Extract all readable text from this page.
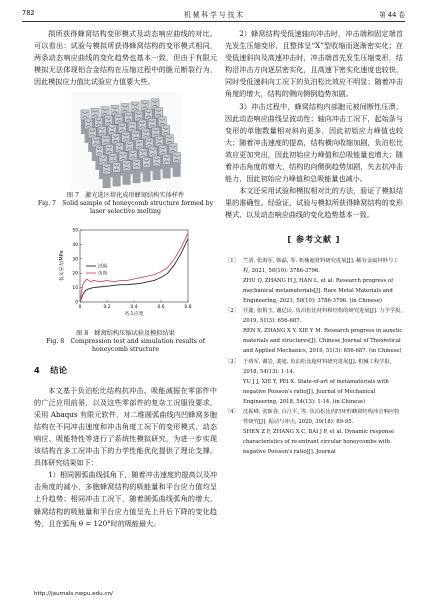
782	机 械 科 学 与 技 术	第 44 卷

损所获得蜂窝结构变形模式及动态响应曲线的对比。可以看出：试验与模拟所获得蜂窝结构的变形模式相同，两条动态响应曲线的变化趋势也基本一致，但由于有限元模拟无法体现铝合金结构在压缩过程中的脆元断裂行为，因此模拟应力值比试验应力值要大些。

图 7　激光选区熔化成形蜂窝结构实体样件
Fig. 7　Solid sample of honeycomb structure formed by
laser selective melting
0	0.2	0.4	0.6	0.8
0
10
20
30
40
50
名义应变
名义应力/MPa	试验
仿真
图 8　蜂窝结构压缩试验及模拟结果
Fig. 8　Compression test and simulation results of
honeycomb structure
4 结论

本文基于负泊松比结构抗冲击、吸能减振在零部件中的广泛应用前景，以及这些零部件的复杂工况服役要求。采用 Abaqus 有限元软件，对二维圆弧曲线内凹蜂窝多胞结构在不同冲击速度和冲击角度工况下的变形模式、动态响应、吸能特性等进行了系统性模拟研究，为进一步实现该结构在多工况冲击下的力学性能优化提供了理论支撑。具体研究结果如下：

1）相同圆弧曲线弧角下，随着冲击速度的提高以及冲击角度的减小，多胞蜂窝结构的吸能量和平台应力值均呈上升趋势；相同冲击工况下，随着圆弧曲线弧角的增大，蜂窝结构的吸能量和平台应力值呈先上升后下降的变化趋势，且在弧角 θ = 120°时的吸能最大。

2）蜂窝结构受低速轴向冲击时，冲击端和固定端首先发生压缩变形，且整体呈“X”型收缩而逐渐密实化；在受低速斜向及高速冲击时，冲击端首先发生压缩变形，结构沿冲击方向逐层密实化，且高速下密实化速度也较快，同时受低速斜向工况下的负泊松比效应不明显；随着冲击角度的增大，结构的侧向侧倒趋势加剧。

3）冲击过程中，蜂窝结构内部胞元被间断性压溃，因此动态响应曲线呈波动性；轴向冲击工况下，起始条与变形的单胞数量相对斜向更多，因此初始应力峰值也较大；随着冲击速度的提高，结构横向收缩加剧，负泊松比效应更加突出，因此初始应力峰值和总吸能量也增大；随着冲击角度的增大，结构的向侧倒趋势加剧，失去抗冲击能力，因此初始应力峰值和总吸能量也减小。

本文还采用试验和模拟相对比的方法，验证了模拟结果的准确性。经验证，试验与模拟所获得蜂窝结构的变形模式、以及动态响应曲线的变化趋势基本一致。

[ 参考文献 ]
［1］ 竺清, 张海军, 韩磊, 等. 机械超材料研究进展[J]. 稀有金属材料与工程, 2021, 50(10): 3786-3796.
ZHU Q, ZHANG H J, HAN L, et al. Research progress of mechanical metamaterials[J]. Rare Metal Materials and Engineering, 2021, 50(10): 3786-3796. (in Chinese)
［2］ 任鑫, 张相玉, 谢亿民. 负泊松比材料和结构的研究进展[J]. 力学学报, 2019, 51(3): 656-687.
REN X, ZHANG X Y, XIE Y M. Research progress in auxetic materials and structures[J]. Chinese Journal of Theoretical and Applied Mechanics, 2019, 51(3): 656-687. (in Chinese)
［3］ 于靖军, 谢岩, 裴旭. 负泊松比超材料研究进展[J]. 机械工程学报, 2018, 54(13): 1-14.
YU J J, XIE Y, PEI X. State-of-art of metamaterials with negative Poisson's ratio[J]. Journal of Mechanical Engineering, 2018, 54(13): 1-14. (in Chinese)
［4］ 沈振峰, 张新春, 白江平, 等. 负泊松比内凹环形蜂窝结构冲击响应特性研究[J]. 振动与冲击, 2020, 39(18): 89-95.
SHEN Z F, ZHANG X C, BAI J P, et al. Dynamic response characteristics of re-entrant circular honeycombs with negative Poisson's ratio[J]. Journal
http://journals.nwpu.edu.cn/
